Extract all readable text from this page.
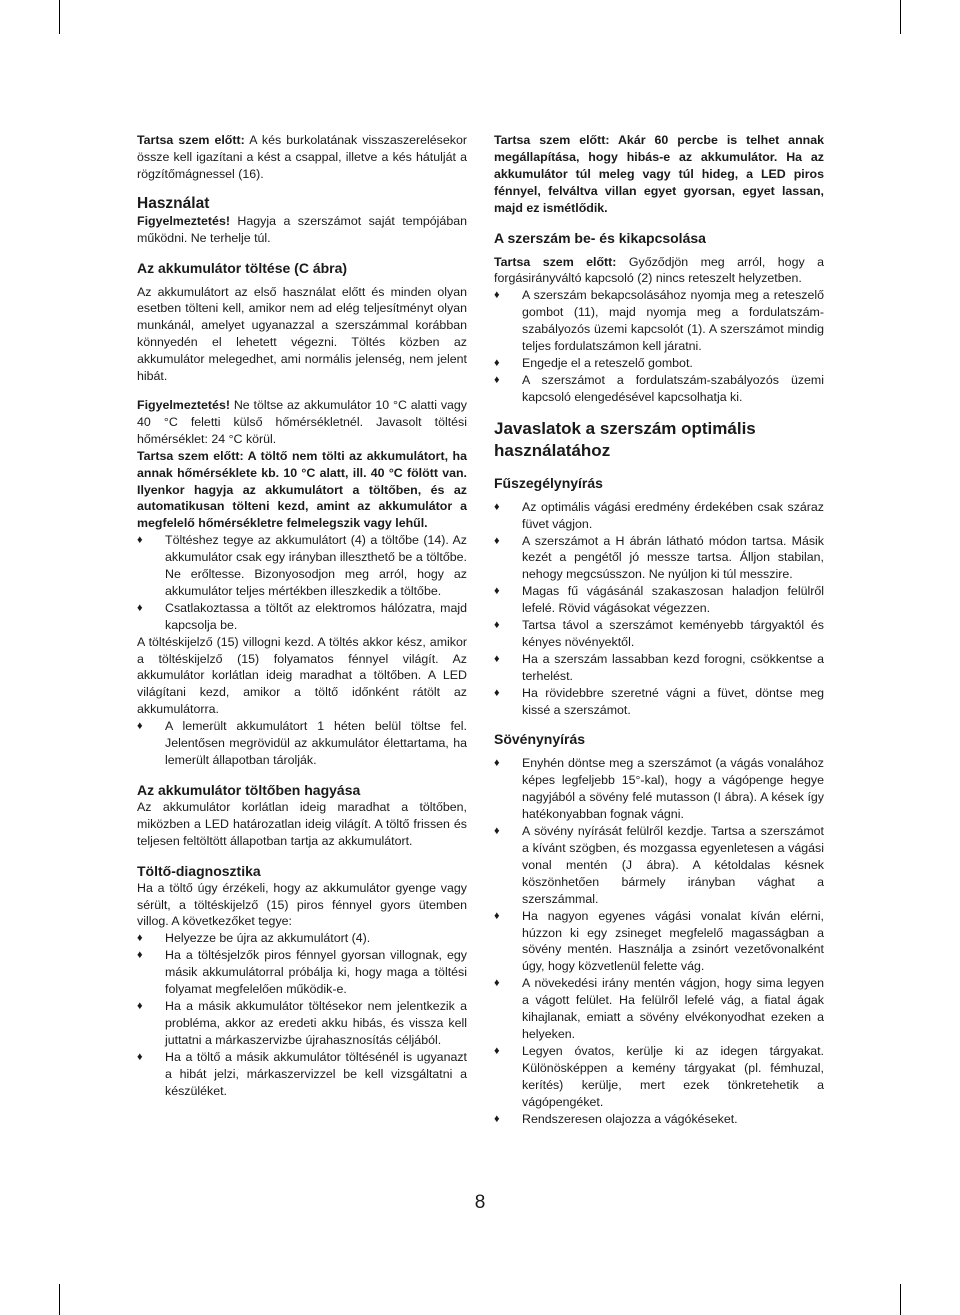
Tartsa szem előtt: A kés burkolatának visszaszerelésekor össze kell igazítani a kést a csappal, illetve a kés hátulját a rögzítőmágnessel (16).

Használat

Figyelmeztetés! Hagyja a szerszámot saját tempójában működni. Ne terhelje túl.

Az akkumulátor töltése (C ábra)

Az akkumulátort az első használat előtt és minden olyan esetben tölteni kell, amikor nem ad elég teljesítményt olyan munkánál, amelyet ugyanazzal a szerszámmal korábban könnyedén el lehetett végezni. Töltés közben az akkumulátor melegedhet, ami normális jelenség, nem jelent hibát.

Figyelmeztetés! Ne töltse az akkumulátor 10 °C alatti vagy 40 °C feletti külső hőmérsékletnél. Javasolt töltési hőmérséklet: 24 °C körül.

Tartsa szem előtt: A töltő nem tölti az akkumulátort, ha annak hőmérséklete kb. 10 °C alatt, ill. 40 °C fölött van. Ilyenkor hagyja az akkumulátort a töltőben, és az automatikusan tölteni kezd, amint az akkumulátor a megfelelő hőmérsékletre felmelegszik vagy lehűl.

♦ Töltéshez tegye az akkumulátort (4) a töltőbe (14). Az akkumulátor csak egy irányban illeszthető be a töltőbe. Ne erőltesse. Bizonyosodjon meg arról, hogy az akkumulátor teljes mértékben illeszkedik a töltőbe.
♦ Csatlakoztassa a töltőt az elektromos hálózatra, majd kapcsolja be.

A töltéskijelző (15) villogni kezd. A töltés akkor kész, amikor a töltéskijelző (15) folyamatos fénnyel világít. Az akkumulátor korlátlan ideig maradhat a töltőben. A LED világítani kezd, amikor a töltő időnként rátölt az akkumulátorra.

♦ A lemerült akkumulátort 1 héten belül töltse fel. Jelentősen megrövidül az akkumulátor élettartama, ha lemerült állapotban tárolják.
Az akkumulátor töltőben hagyása

Az akkumulátor korlátlan ideig maradhat a töltőben, miközben a LED határozatlan ideig világít. A töltő frissen és teljesen feltöltött állapotban tartja az akkumulátort.

Töltő-diagnosztika

Ha a töltő úgy érzékeli, hogy az akkumulátor gyenge vagy sérült, a töltéskijelző (15) piros fénnyel gyors ütemben villog. A következőket tegye:

♦ Helyezze be újra az akkumulátort (4).
♦ Ha a töltésjelzők piros fénnyel gyorsan villognak, egy másik akkumulátorral próbálja ki, hogy maga a töltési folyamat megfelelően működik-e.
♦ Ha a másik akkumulátor töltésekor nem jelentkezik a probléma, akkor az eredeti akku hibás, és vissza kell juttatni a márkaszervizbe újrahasznosítás céljából.
♦ Ha a töltő a másik akkumulátor töltésénél is ugyanazt a hibát jelzi, márkaszervizzel be kell vizsgáltatni a készüléket.

Tartsa szem előtt: Akár 60 percbe is telhet annak megállapítása, hogy hibás-e az akkumulátor. Ha az akkumulátor túl meleg vagy túl hideg, a LED piros fénnyel, felváltva villan egyet gyorsan, egyet lassan, majd ez ismétlődik.

A szerszám be- és kikapcsolása

Tartsa szem előtt: Győződjön meg arról, hogy a forgásirányváltó kapcsoló (2) nincs reteszelt helyzetben.

♦ A szerszám bekapcsolásához nyomja meg a reteszelő gombot (11), majd nyomja meg a fordulatszám-szabályozós üzemi kapcsolót (1). A szerszámot mindig teljes fordulatszámon kell járatni.
♦ Engedje el a reteszelő gombot.
♦ A szerszámot a fordulatszám-szabályozós üzemi kapcsoló elengedésével kapcsolhatja ki.
Javaslatok a szerszám optimális használatához
Fűszegélynyírás
♦ Az optimális vágási eredmény érdekében csak száraz füvet vágjon.
♦ A szerszámot a H ábrán látható módon tartsa. Másik kezét a pengétől jó messze tartsa. Álljon stabilan, nehogy megcsússzon. Ne nyúljon ki túl messzire.
♦ Magas fű vágásánál szakaszosan haladjon felülről lefelé. Rövid vágásokat végezzen.
♦ Tartsa távol a szerszámot keményebb tárgyaktól és kényes növényektől.
♦ Ha a szerszám lassabban kezd forogni, csökkentse a terhelést.
♦ Ha rövidebbre szeretné vágni a füvet, döntse meg kissé a szerszámot.
Sövénynyírás
♦ Enyhén döntse meg a szerszámot (a vágás vonalához képes legfeljebb 15°-kal), hogy a vágópenge hegye nagyjából a sövény felé mutasson (I ábra). A kések így hatékonyabban fognak vágni.
♦ A sövény nyírását felülről kezdje. Tartsa a szerszámot a kívánt szögben, és mozgassa egyenletesen a vágási vonal mentén (J ábra). A kétoldalas késnek köszönhetően bármely irányban vághat a szerszámmal.
♦ Ha nagyon egyenes vágási vonalat kíván elérni, húzzon ki egy zsineget megfelelő magasságban a sövény mentén. Használja a zsinórt vezetővonalként úgy, hogy közvetlenül felette vág.
♦ A növekedési irány mentén vágjon, hogy sima legyen a vágott felület. Ha felülről lefelé vág, a fiatal ágak kihajlanak, emiatt a sövény elvékonyodhat ezeken a helyeken.
♦ Legyen óvatos, kerülje ki az idegen tárgyakat. Különösképpen a kemény tárgyakat (pl. fémhuzal, kerítés) kerülje, mert ezek tönkretehetik a vágópengéket.
♦ Rendszeresen olajozza a vágókéseket.
8
